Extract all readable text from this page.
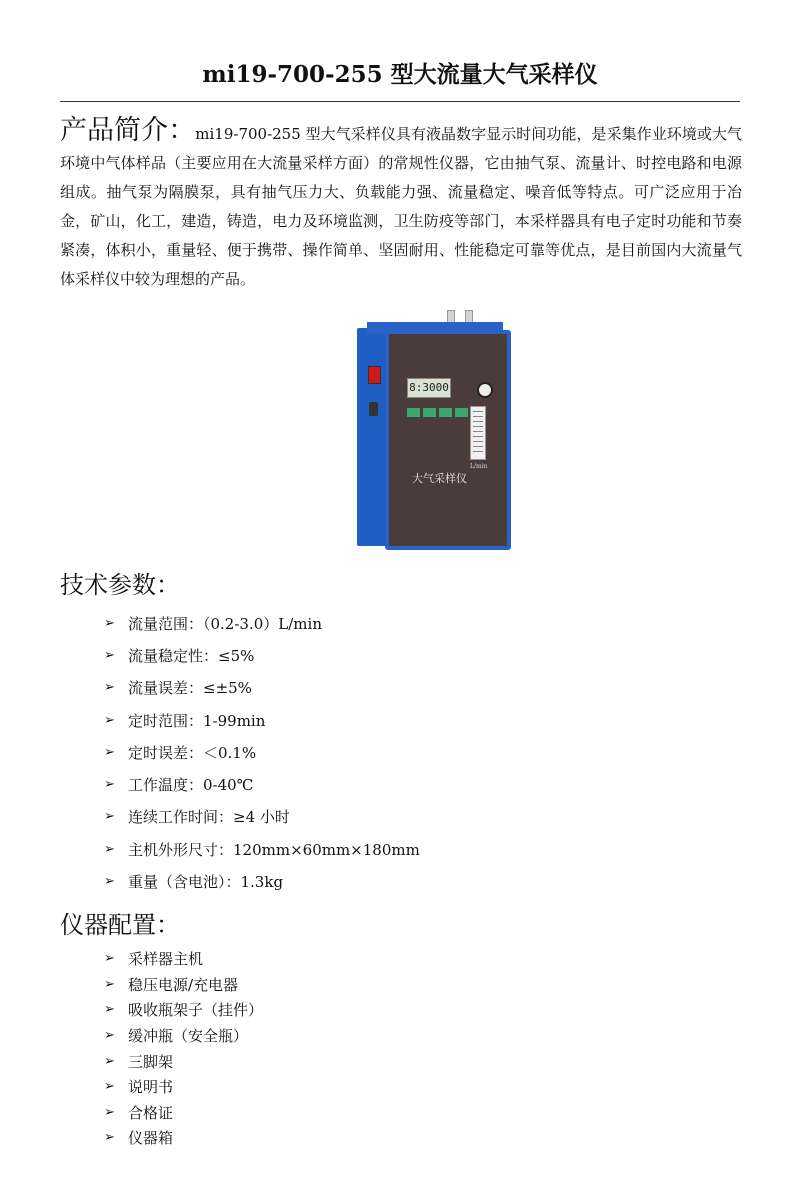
mi19-700-255 型大流量大气采样仪
产品简介：mi19-700-255 型大气采样仪具有液晶数字显示时间功能，是采集作业环境或大气环境中气体样品（主要应用在大流量采样方面）的常规性仪器，它由抽气泵、流量计、时控电路和电源组成。抽气泵为隔膜泵，具有抽气压力大、负载能力强、流量稳定、噪音低等特点。可广泛应用于冶金，矿山，化工，建造，铸造，电力及环境监测，卫生防疫等部门，本采样器具有电子定时功能和节奏紧凑，体积小，重量轻、便于携带、操作简单、坚固耐用、性能稳定可靠等优点，是目前国内大流量气体采样仪中较为理想的产品。
8:3000
大气采样仪
L/min
技术参数：
➢ 流量范围：（0.2-3.0）L/min
➢ 流量稳定性：≤5%
➢ 流量误差：≤±5%
➢ 定时范围：1-99min
➢ 定时误差：＜0.1%
➢ 工作温度：0-40℃
➢ 连续工作时间：≥4 小时
➢ 主机外形尺寸：120mm×60mm×180mm
➢ 重量（含电池）：1.3kg
仪器配置：
➢ 采样器主机
➢ 稳压电源/充电器
➢ 吸收瓶架子（挂件）
➢ 缓冲瓶（安全瓶）
➢ 三脚架
➢ 说明书
➢ 合格证
➢ 仪器箱
